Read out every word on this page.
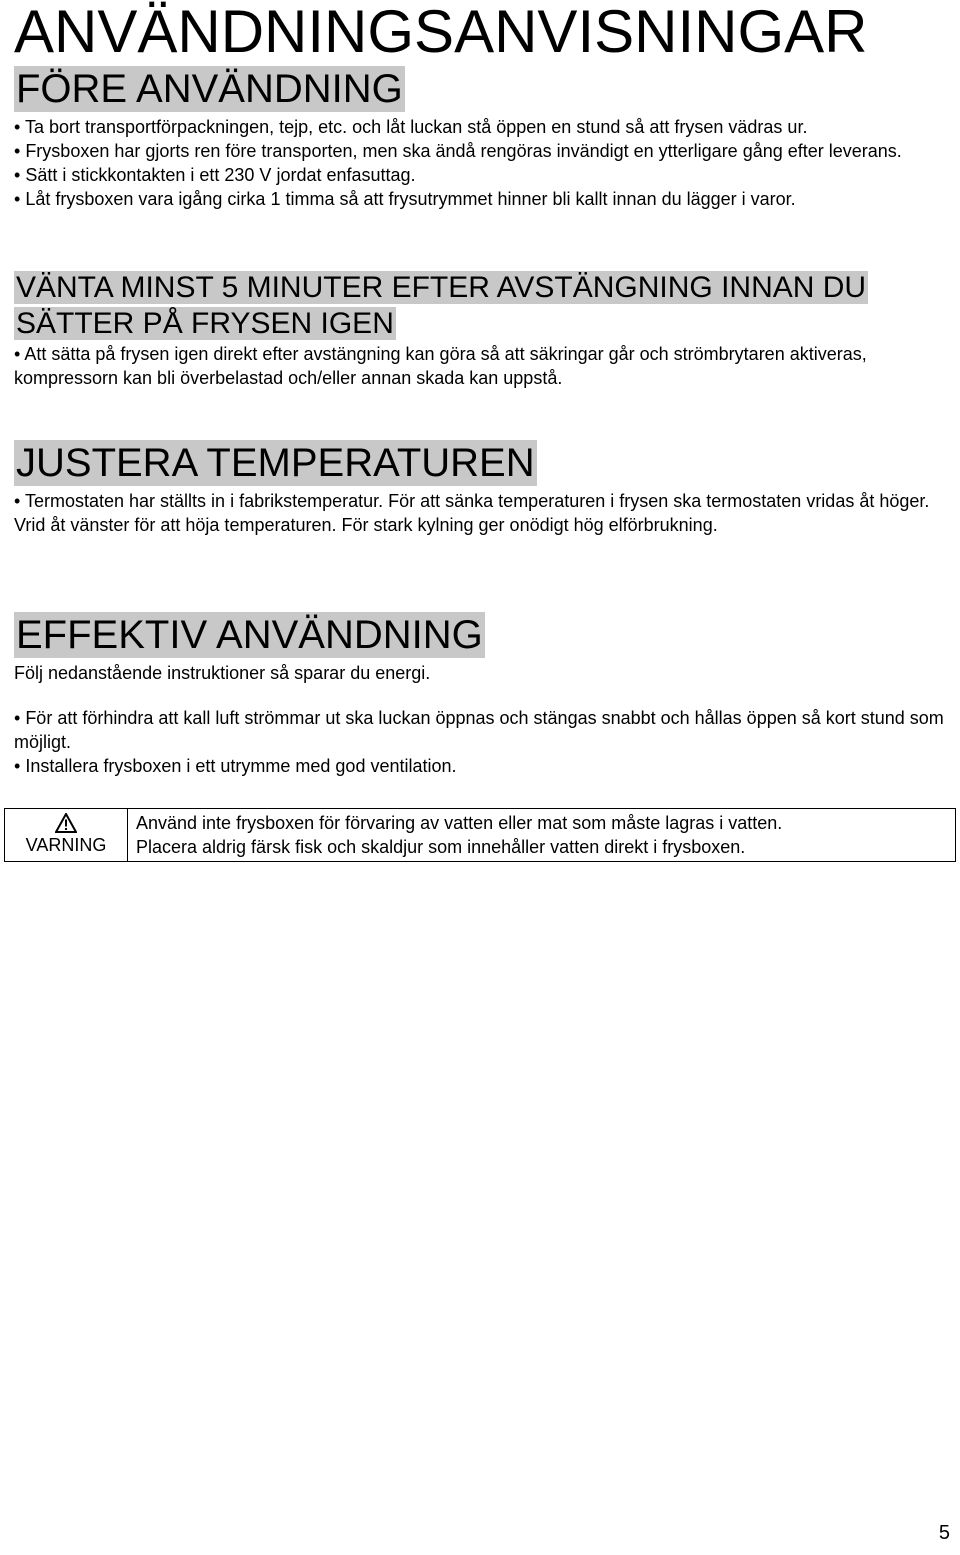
ANVÄNDNINGSANVISNINGAR
FÖRE ANVÄNDNING
• Ta bort transportförpackningen, tejp, etc. och låt luckan stå öppen en stund så att frysen vädras ur.
• Frysboxen har gjorts ren före transporten, men ska ändå rengöras invändigt en ytterligare gång efter leverans.
• Sätt i stickkontakten i ett 230 V jordat enfasuttag.
• Låt frysboxen vara igång cirka 1 timma så att frysutrymmet hinner bli kallt innan du lägger i varor.
VÄNTA MINST 5 MINUTER EFTER AVSTÄNGNING INNAN DU SÄTTER PÅ FRYSEN IGEN
• Att sätta på frysen igen direkt efter avstängning kan göra så att säkringar går och strömbrytaren aktiveras, kompressorn kan bli överbelastad och/eller annan skada kan uppstå.
JUSTERA TEMPERATUREN
• Termostaten har ställts in i fabrikstemperatur. För att sänka temperaturen i frysen ska termostaten vridas åt höger. Vrid åt vänster för att höja temperaturen. För stark kylning ger onödigt hög elförbrukning.
EFFEKTIV ANVÄNDNING

Följ nedanstående instruktioner så sparar du energi.

• För att förhindra att kall luft strömmar ut ska luckan öppnas och stängas snabbt och hållas öppen så kort stund som möjligt.
• Installera frysboxen i ett utrymme med god ventilation.
VARNING	
Använd inte frysboxen för förvaring av vatten eller mat som måste lagras i vatten.
Placera aldrig färsk fisk och skaldjur som innehåller vatten direkt i frysboxen.
5
